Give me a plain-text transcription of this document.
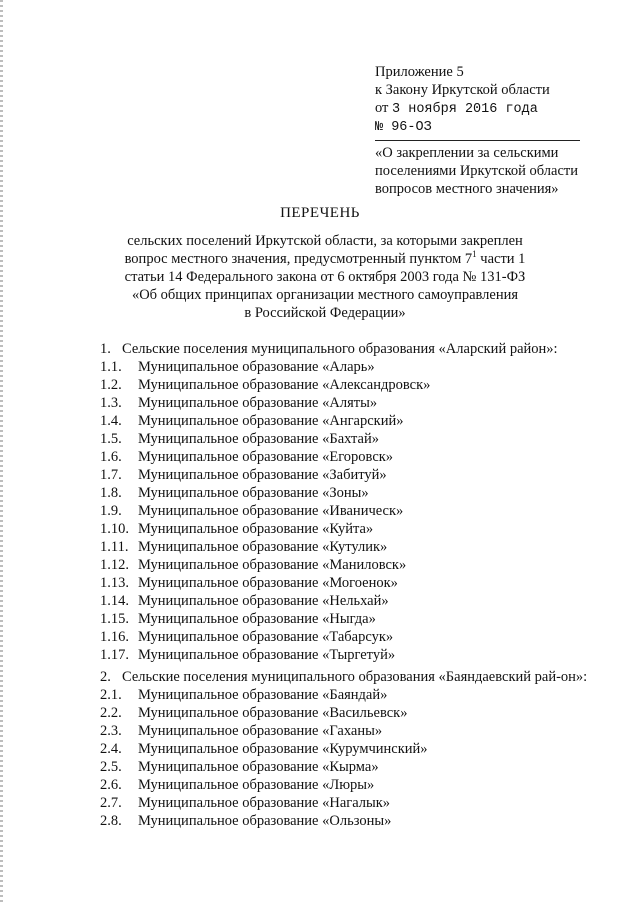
Приложение 5
к Закону Иркутской области
от 3 ноября 2016 года
№ 96-ОЗ
«О закреплении за сельскими
поселениями Иркутской области
вопросов местного значения»
ПЕРЕЧЕНЬ
сельских поселений Иркутской области, за которыми закреплен
вопрос местного значения, предусмотренный пунктом $7^1$ части 1
статьи 14 Федерального закона от 6 октября 2003 года № 131-ФЗ
«Об общих принципах организации местного самоуправления
в Российской Федерации»
1. Сельские поселения муниципального образования «Аларский район»:
1.1.	Муниципальное образование «Аларь»
1.2.	Муниципальное образование «Александровск»
1.3.	Муниципальное образование «Аляты»
1.4.	Муниципальное образование «Ангарский»
1.5.	Муниципальное образование «Бахтай»
1.6.	Муниципальное образование «Егоровск»
1.7.	Муниципальное образование «Забитуй»
1.8.	Муниципальное образование «Зоны»
1.9.	Муниципальное образование «Иваническ»
1.10. Муниципальное образование «Куйта»
1.11. Муниципальное образование «Кутулик»
1.12. Муниципальное образование «Маниловск»
1.13. Муниципальное образование «Могоенок»
1.14. Муниципальное образование «Нельхай»
1.15. Муниципальное образование «Ныгда»
1.16. Муниципальное образование «Табарсук»
1.17. Муниципальное образование «Тыргетуй»
2. Сельские поселения муниципального образования «Баяндаевский рай-он»:
2.1.	Муниципальное образование «Баяндай»
2.2.	Муниципальное образование «Васильевск»
2.3.	Муниципальное образование «Гаханы»
2.4.	Муниципальное образование «Курумчинский»
2.5.	Муниципальное образование «Кырма»
2.6.	Муниципальное образование «Люры»
2.7.	Муниципальное образование «Нагалык»
2.8.	Муниципальное образование «Ользоны»
